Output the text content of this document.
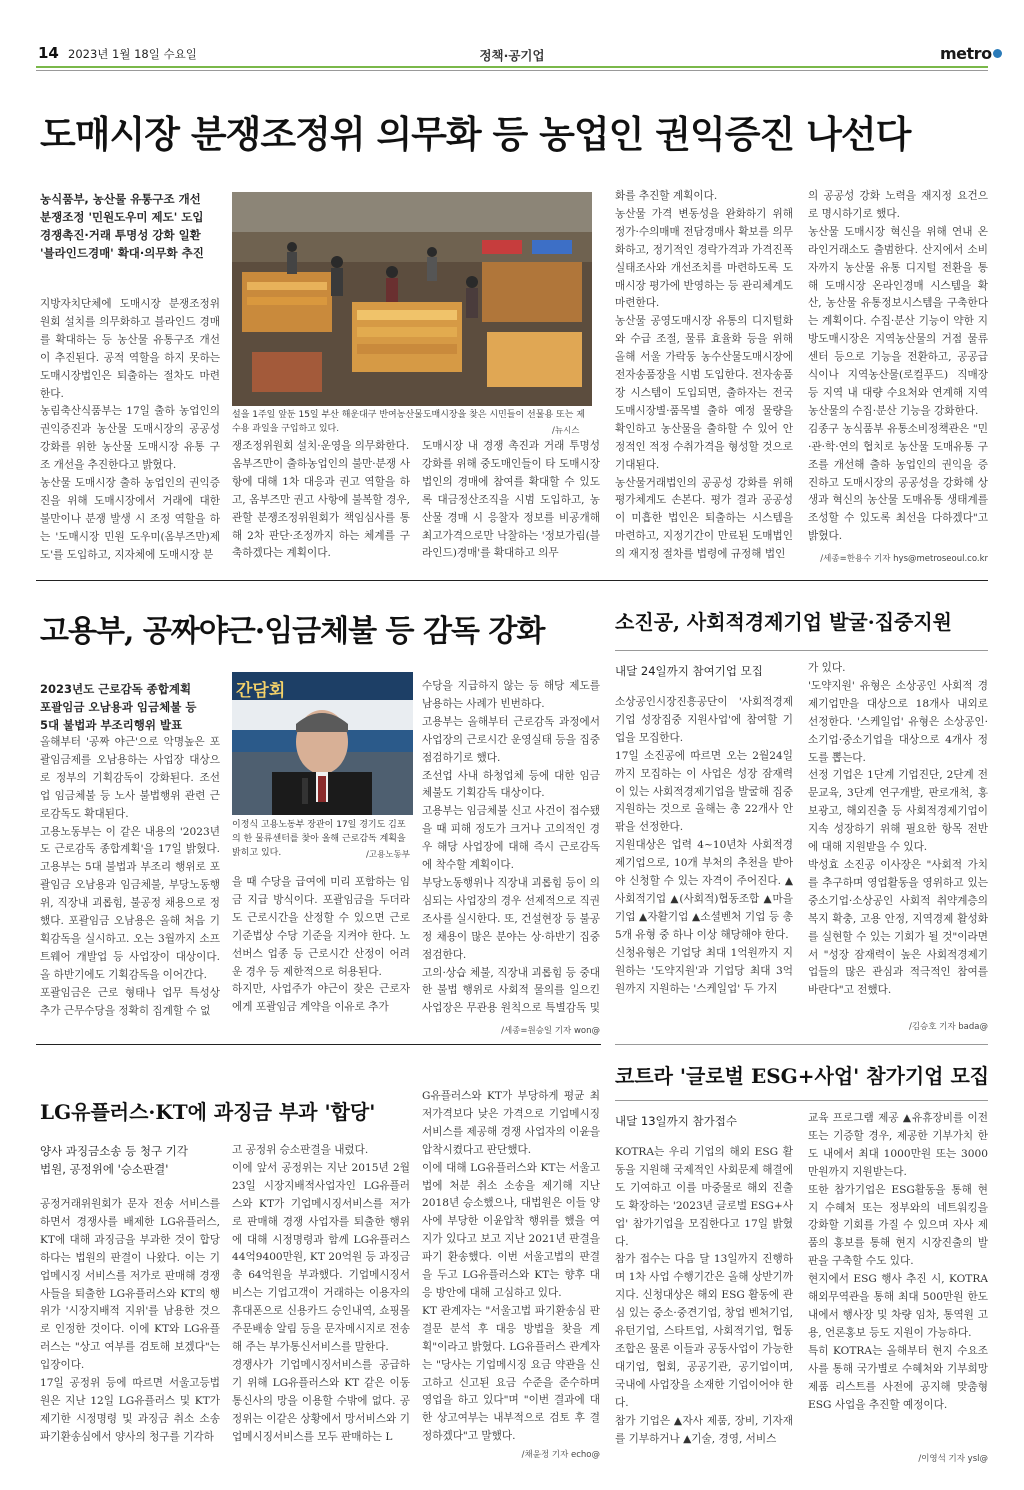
14 2023년 1월 18일 수요일	정책·공기업	metro
도매시장 분쟁조정위 의무화 등 농업인 권익증진 나선다
농식품부, 농산물 유통구조 개선
분쟁조정 '민원도우미 제도' 도입
경쟁촉진·거래 투명성 강화 일환
'블라인드경매' 확대·의무화 추진
설을 1주일 앞둔 15일 부산 해운대구 반여농산물도매시장을 찾은 시민들이 선물용 또는 제수용 과일을 구입하고 있다.	/뉴시스
지방자치단체에 도매시장 분쟁조정위원회 설치를 의무화하고 블라인드 경매를 확대하는 등 농산물 유통구조 개선이 추진된다. 공적 역할을 하지 못하는 도매시장법인은 퇴출하는 절차도 마련한다.
농림축산식품부는 17일 출하 농업인의 권익증진과 농산물 도매시장의 공공성 강화를 위한 농산물 도매시장 유통 구조 개선을 추진한다고 밝혔다.
농산물 도매시장 출하 농업인의 권익증진을 위해 도매시장에서 거래에 대한 불만이나 분쟁 발생 시 조정 역할을 하는 '도매시장 민원 도우미(옴부즈만)제도'를 도입하고, 지자체에 도매시장 분
쟁조정위원회 설치·운영을 의무화한다.
옴부즈만이 출하농업인의 불만·분쟁 사항에 대해 1차 대응과 권고 역할을 하고, 옴부즈만 권고 사항에 불복할 경우, 관할 분쟁조정위원회가 책임심사를 통해 2차 판단·조정까지 하는 체계를 구축하겠다는 계획이다.
도매시장 내 경쟁 촉진과 거래 투명성 강화를 위해 중도매인들이 타 도매시장법인의 경매에 참여를 확대할 수 있도록 대금정산조직을 시범 도입하고, 농산물 경매 시 응찰자 정보를 비공개해 최고가격으로만 낙찰하는 '정보가림(블라인드)경매'를 확대하고 의무
화를 추진할 계획이다.
농산물 가격 변동성을 완화하기 위해 정가·수의매매 전담경매사 확보를 의무화하고, 정기적인 경락가격과 가격진폭 실태조사와 개선조치를 마련하도록 도매시장 평가에 반영하는 등 관리체계도 마련한다.
농산물 공영도매시장 유통의 디지털화와 수급 조절, 물류 효율화 등을 위해 올해 서울 가락동 농수산물도매시장에 전자송품장을 시범 도입한다. 전자송품장 시스템이 도입되면, 출하자는 전국 도매시장별·품목별 출하 예정 물량을 확인하고 농산물을 출하할 수 있어 안정적인 적정 수취가격을 형성할 것으로 기대된다.
농산물거래법인의 공공성 강화를 위해 평가체계도 손본다. 평가 결과 공공성이 미흡한 법인은 퇴출하는 시스템을 마련하고, 지정기간이 만료된 도매법인의 재지정 절차를 법령에 규정해 법인
의 공공성 강화 노력을 재지정 요건으로 명시하기로 했다.
농산물 도매시장 혁신을 위해 연내 온라인거래소도 출범한다. 산지에서 소비자까지 농산물 유통 디지털 전환을 통해 도매시장 온라인경매 시스템을 확산, 농산물 유통정보시스템을 구축한다는 계획이다. 수집·분산 기능이 약한 지방도매시장은 지역농산물의 거점 물류센터 등으로 기능을 전환하고, 공공급식이나 지역농산물(로컬푸드) 직매장 등 지역 내 대량 수요처와 연계해 지역 농산물의 수집·분산 기능을 강화한다.
김종구 농식품부 유통소비정책관은 "민·관·학·연의 협치로 농산물 도매유통 구조를 개선해 출하 농업인의 권익을 증진하고 도매시장의 공공성을 강화해 상생과 혁신의 농산물 도매유통 생태계를 조성할 수 있도록 최선을 다하겠다"고 밝혔다.
/세종=한용수 기자 hys@metroseoul.co.kr
고용부, 공짜야근·임금체불 등 감독 강화
2023년도 근로감독 종합계획
포괄임금 오남용과 임금체불 등
5대 불법과 부조리행위 발표
간담회
이정식 고용노동부 장관이 17일 경기도 김포의 한 물류센터를 찾아 올해 근로감독 계획을 밝히고 있다.	/고용노동부
올해부터 '공짜 야근'으로 악명높은 포괄임금제를 오남용하는 사업장 대상으로 정부의 기획감독이 강화된다. 조선업 임금체불 등 노사 불법행위 관련 근로감독도 확대된다.
고용노동부는 이 같은 내용의 '2023년도 근로감독 종합계획'을 17일 밝혔다. 고용부는 5대 불법과 부조리 행위로 포괄임금 오남용과 임금체불, 부당노동행위, 직장내 괴롭힘, 불공정 채용으로 정했다. 포괄임금 오남용은 올해 처음 기획감독을 실시하고. 오는 3월까지 소프트웨어 개발업 등 사업장이 대상이다. 올 하반기에도 기획감독을 이어간다.
포괄임금은 근로 형태나 업무 특성상 추가 근무수당을 정확히 집계할 수 없
을 때 수당을 급여에 미리 포함하는 임금 지급 방식이다. 포괄임금을 두더라도 근로시간을 산정할 수 있으면 근로기준법상 수당 기준을 지켜야 한다. 노선버스 업종 등 근로시간 산정이 어려운 경우 등 제한적으로 허용된다.
하지만, 사업주가 야근이 잦은 근로자에게 포괄임금 계약을 이유로 추가
수당을 지급하지 않는 등 해당 제도를 남용하는 사례가 빈번하다.
고용부는 올해부터 근로감독 과정에서 사업장의 근로시간 운영실태 등을 집중 점검하기로 했다.
조선업 사내 하청업체 등에 대한 임금체불도 기획감독 대상이다.
고용부는 임금체불 신고 사건이 접수됐을 때 피해 정도가 크거나 고의적인 경우 해당 사업장에 대해 즉시 근로감독에 착수할 계획이다.
부당노동행위나 직장내 괴롭힘 등이 의심되는 사업장의 경우 선제적으로 직권조사를 실시한다. 또, 건설현장 등 불공정 채용이 많은 분야는 상·하반기 집중 점검한다.
고의·상습 체불, 직장내 괴롭힘 등 중대한 불법 행위로 사회적 물의를 일으킨 사업장은 무관용 원칙으로 특별감독 및
/세종=원승일 기자 won@
소진공, 사회적경제기업 발굴·집중지원
내달 24일까지 참여기업 모집
소상공인시장진흥공단이 '사회적경제기업 성장집중 지원사업'에 참여할 기업을 모집한다.
17일 소진공에 따르면 오는 2월24일까지 모집하는 이 사업은 성장 잠재력이 있는 사회적경제기업을 발굴해 집중 지원하는 것으로 올해는 총 22개사 안팎을 선정한다.
지원대상은 업력 4~10년차 사회적경제기업으로, 10개 부처의 추천을 받아야 신청할 수 있는 자격이 주어진다. ▲사회적기업 ▲(사회적)협동조합 ▲마을기업 ▲자활기업 ▲소셜벤처 기업 등 총 5개 유형 중 하나 이상 해당해야 한다.
신청유형은 기업당 최대 1억원까지 지원하는 '도약지원'과 기업당 최대 3억원까지 지원하는 '스케일업' 두 가지
가 있다.
'도약지원' 유형은 소상공인 사회적 경제기업만을 대상으로 18개사 내외로 선정한다. '스케일업' 유형은 소상공인·소기업·중소기업을 대상으로 4개사 정도를 뽑는다.
선정 기업은 1단계 기업진단, 2단계 전문교육, 3단계 연구개발, 판로개척, 홍보광고, 해외진출 등 사회적경제기업이 지속 성장하기 위해 필요한 항목 전반에 대해 지원받을 수 있다.
박성효 소진공 이사장은 "사회적 가치를 추구하며 영업활동을 영위하고 있는 중소기업·소상공인 사회적 취약계층의 복지 확충, 고용 안정, 지역경제 활성화를 실현할 수 있는 기회가 될 것"이라면서 "성장 잠재력이 높은 사회적경제기업들의 많은 관심과 적극적인 참여를 바란다"고 전했다.
/김승호 기자 bada@
LG유플러스·KT에 과징금 부과 '합당'
양사 과징금소송 등 청구 기각
법원, 공정위에 '승소판결'
공정거래위원회가 문자 전송 서비스를 하면서 경쟁사를 배제한 LG유플러스, KT에 대해 과징금을 부과한 것이 합당하다는 법원의 판결이 나왔다. 이는 기업메시징 서비스를 저가로 판매해 경쟁사들을 퇴출한 LG유플러스와 KT의 행위가 '시장지배적 지위'를 남용한 것으로 인정한 것이다. 이에 KT와 LG유플러스는 "상고 여부를 검토해 보겠다"는 입장이다.
17일 공정위 등에 따르면 서울고등법원은 지난 12일 LG유플러스 및 KT가 제기한 시정명령 및 과징금 취소 소송 파기환송심에서 양사의 청구를 기각하
고 공정위 승소판결을 내렸다.
이에 앞서 공정위는 지난 2015년 2월 23일 시장지배적사업자인 LG유플러스와 KT가 기업메시징서비스를 저가로 판매해 경쟁 사업자를 퇴출한 행위에 대해 시정명령과 함께 LG유플러스 44억9400만원, KT 20억원 등 과징금 총 64억원을 부과했다. 기업메시징서비스는 기업고객이 거래하는 이용자의 휴대폰으로 신용카드 승인내역, 쇼핑몰 주문배송 알림 등을 문자메시지로 전송해 주는 부가통신서비스를 말한다.
경쟁사가 기업메시징서비스를 공급하기 위해 LG유플러스와 KT 같은 이동통신사의 망을 이용할 수밖에 없다. 공정위는 이같은 상황에서 망서비스와 기업메시징서비스를 모두 판매하는 L
G유플러스와 KT가 부당하게 평균 최저가격보다 낮은 가격으로 기업메시징서비스를 제공해 경쟁 사업자의 이윤을 압착시켰다고 판단했다.
이에 대해 LG유플러스와 KT는 서울고법에 처분 취소 소송을 제기해 지난 2018년 승소했으나, 대법원은 이들 양사에 부당한 이윤압착 행위를 했을 여지가 있다고 보고 지난 2021년 판결을 파기 환송했다. 이번 서울고법의 판결을 두고 LG유플러스와 KT는 향후 대응 방안에 대해 고심하고 있다.
KT 관계자는 "서울고법 파기환송심 판결문 분석 후 대응 방법을 찾을 계획"이라고 밝혔다. LG유플러스 관계자는 "당사는 기업메시징 요금 약관을 신고하고 신고된 요금 수준을 준수하며 영업을 하고 있다"며 "이번 결과에 대한 상고여부는 내부적으로 검토 후 결정하겠다"고 말했다.
/채윤정 기자 echo@
코트라 '글로벌 ESG+사업' 참가기업 모집
내달 13일까지 참가접수
KOTRA는 우리 기업의 해외 ESG 활동을 지원해 국제적인 사회문제 해결에도 기여하고 이를 마중물로 해외 진출도 확장하는 '2023년 글로벌 ESG+사업' 참가기업을 모집한다고 17일 밝혔다.
참가 접수는 다음 달 13일까지 진행하며 1차 사업 수행기간은 올해 상반기까지다. 신청대상은 해외 ESG 활동에 관심 있는 중소·중견기업, 창업 벤처기업, 유턴기업, 스타트업, 사회적기업, 협동조합은 물론 이들과 공동사업이 가능한 대기업, 협회, 공공기관, 공기업이며, 국내에 사업장을 소재한 기업이어야 한다.
참가 기업은 ▲자사 제품, 장비, 기자재를 기부하거나 ▲기술, 경영, 서비스
교육 프로그램 제공 ▲유휴장비를 이전 또는 기증할 경우, 제공한 기부가치 한도 내에서 최대 1000만원 또는 3000만원까지 지원받는다.
또한 참가기업은 ESG활동을 통해 현지 수혜처 또는 정부와의 네트워킹을 강화할 기회를 가질 수 있으며 자사 제품의 홍보를 통해 현지 시장진출의 발판을 구축할 수도 있다.
현지에서 ESG 행사 추진 시, KOTRA 해외무역관을 통해 최대 500만원 한도 내에서 행사장 및 차량 임차, 통역원 고용, 언론홍보 등도 지원이 가능하다.
특히 KOTRA는 올해부터 현지 수요조사를 통해 국가별로 수혜처와 기부희망제품 리스트를 사전에 공지해 맞춤형 ESG 사업을 추진할 예정이다.
/이영석 기자 ysl@
